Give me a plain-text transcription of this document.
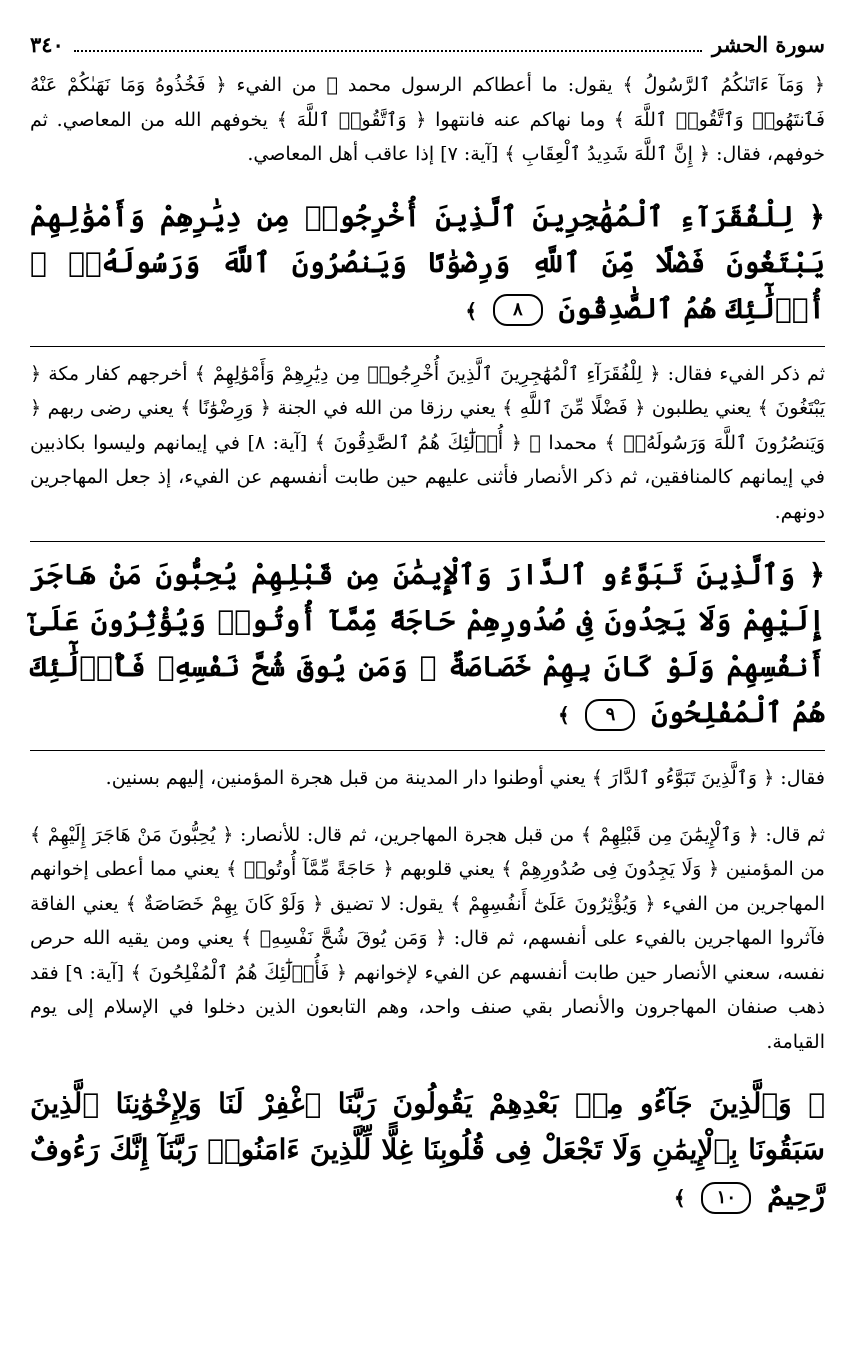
سورة الحشر
٣٤٠

﴿ وَمَآ ءَاتَىٰكُمُ ٱلرَّسُولُ ﴾ يقول: ما أعطاكم الرسول محمد ﷺ من الفيء ﴿ فَخُذُوهُ وَمَا نَهَىٰكُمْ عَنْهُ فَٱنتَهُوا۟ وَٱتَّقُوا۟ ٱللَّهَ ﴾ وما نهاكم عنه فانتهوا ﴿ وَٱتَّقُوا۟ ٱللَّهَ ﴾ يخوفهم الله من المعاصي. ثم خوفهم، فقال: ﴿ إِنَّ ٱللَّهَ شَدِيدُ ٱلْعِقَابِ ﴾ [آية: ٧] إذا عاقب أهل المعاصي.

﴿ لِلْفُقَرَآءِ ٱلْمُهَٰجِرِينَ ٱلَّذِينَ أُخْرِجُوا۟ مِن دِيَٰرِهِمْ وَأَمْوَٰلِهِمْ يَبْتَغُونَ فَضْلًا مِّنَ ٱللَّهِ وَرِضْوَٰنًا وَيَنصُرُونَ ٱللَّهَ وَرَسُولَهُۥٓ ۚ أُو۟لَٰٓئِكَ هُمُ ٱلصَّٰدِقُونَ ٨ ﴾

ثم ذكر الفيء فقال: ﴿ لِلْفُقَرَآءِ ٱلْمُهَٰجِرِينَ ٱلَّذِينَ أُخْرِجُوا۟ مِن دِيَٰرِهِمْ وَأَمْوَٰلِهِمْ ﴾ أخرجهم كفار مكة ﴿ يَبْتَغُونَ ﴾ يعني يطلبون ﴿ فَضْلًا مِّنَ ٱللَّهِ ﴾ يعني رزقا من الله في الجنة ﴿ وَرِضْوَٰنًا ﴾ يعني رضى ربهم ﴿ وَيَنصُرُونَ ٱللَّهَ وَرَسُولَهُۥٓ ﴾ محمدا ﷺ ﴿ أُو۟لَٰٓئِكَ هُمُ ٱلصَّٰدِقُونَ ﴾ [آية: ٨] في إيمانهم وليسوا بكاذبين في إيمانهم كالمنافقين، ثم ذكر الأنصار فأثنى عليهم حين طابت أنفسهم عن الفيء، إذ جعل المهاجرين دونهم.

﴿ وَٱلَّذِينَ تَبَوَّءُو ٱلدَّارَ وَٱلْإِيمَٰنَ مِن قَبْلِهِمْ يُحِبُّونَ مَنْ هَاجَرَ إِلَيْهِمْ وَلَا يَجِدُونَ فِى صُدُورِهِمْ حَاجَةً مِّمَّآ أُوتُوا۟ وَيُؤْثِرُونَ عَلَىٰٓ أَنفُسِهِمْ وَلَوْ كَانَ بِهِمْ خَصَاصَةٌ ۚ وَمَن يُوقَ شُحَّ نَفْسِهِۦ فَأُو۟لَٰٓئِكَ هُمُ ٱلْمُفْلِحُونَ ٩ ﴾

فقال: ﴿ وَٱلَّذِينَ تَبَوَّءُو ٱلدَّارَ ﴾ يعني أوطنوا دار المدينة من قبل هجرة المؤمنين، إليهم بسنين.

ثم قال: ﴿ وَٱلْإِيمَٰنَ مِن قَبْلِهِمْ ﴾ من قبل هجرة المهاجرين، ثم قال: للأنصار: ﴿ يُحِبُّونَ مَنْ هَاجَرَ إِلَيْهِمْ ﴾ من المؤمنين ﴿ وَلَا يَجِدُونَ فِى صُدُورِهِمْ ﴾ يعني قلوبهم ﴿ حَاجَةً مِّمَّآ أُوتُوا۟ ﴾ يعني مما أعطى إخوانهم المهاجرين من الفيء ﴿ وَيُؤْثِرُونَ عَلَىٰٓ أَنفُسِهِمْ ﴾ يقول: لا تضيق ﴿ وَلَوْ كَانَ بِهِمْ خَصَاصَةٌ ﴾ يعني الفاقة فآثروا المهاجرين بالفيء على أنفسهم، ثم قال: ﴿ وَمَن يُوقَ شُحَّ نَفْسِهِۦ ﴾ يعني ومن يقيه الله حرص نفسه، سعني الأنصار حين طابت أنفسهم عن الفيء لإخوانهم ﴿ فَأُو۟لَٰٓئِكَ هُمُ ٱلْمُفْلِحُونَ ﴾ [آية: ٩] فقد ذهب صنفان المهاجرون والأنصار بقي صنف واحد، وهم التابعون الذين دخلوا في الإسلام إلى يوم القيامة.

﴿ وَٱلَّذِينَ جَآءُو مِنۢ بَعْدِهِمْ يَقُولُونَ رَبَّنَا ٱغْفِرْ لَنَا وَلِإِخْوَٰنِنَا ٱلَّذِينَ سَبَقُونَا بِٱلْإِيمَٰنِ وَلَا تَجْعَلْ فِى قُلُوبِنَا غِلًّا لِّلَّذِينَ ءَامَنُوا۟ رَبَّنَآ إِنَّكَ رَءُوفٌ رَّحِيمٌ ١٠ ﴾
